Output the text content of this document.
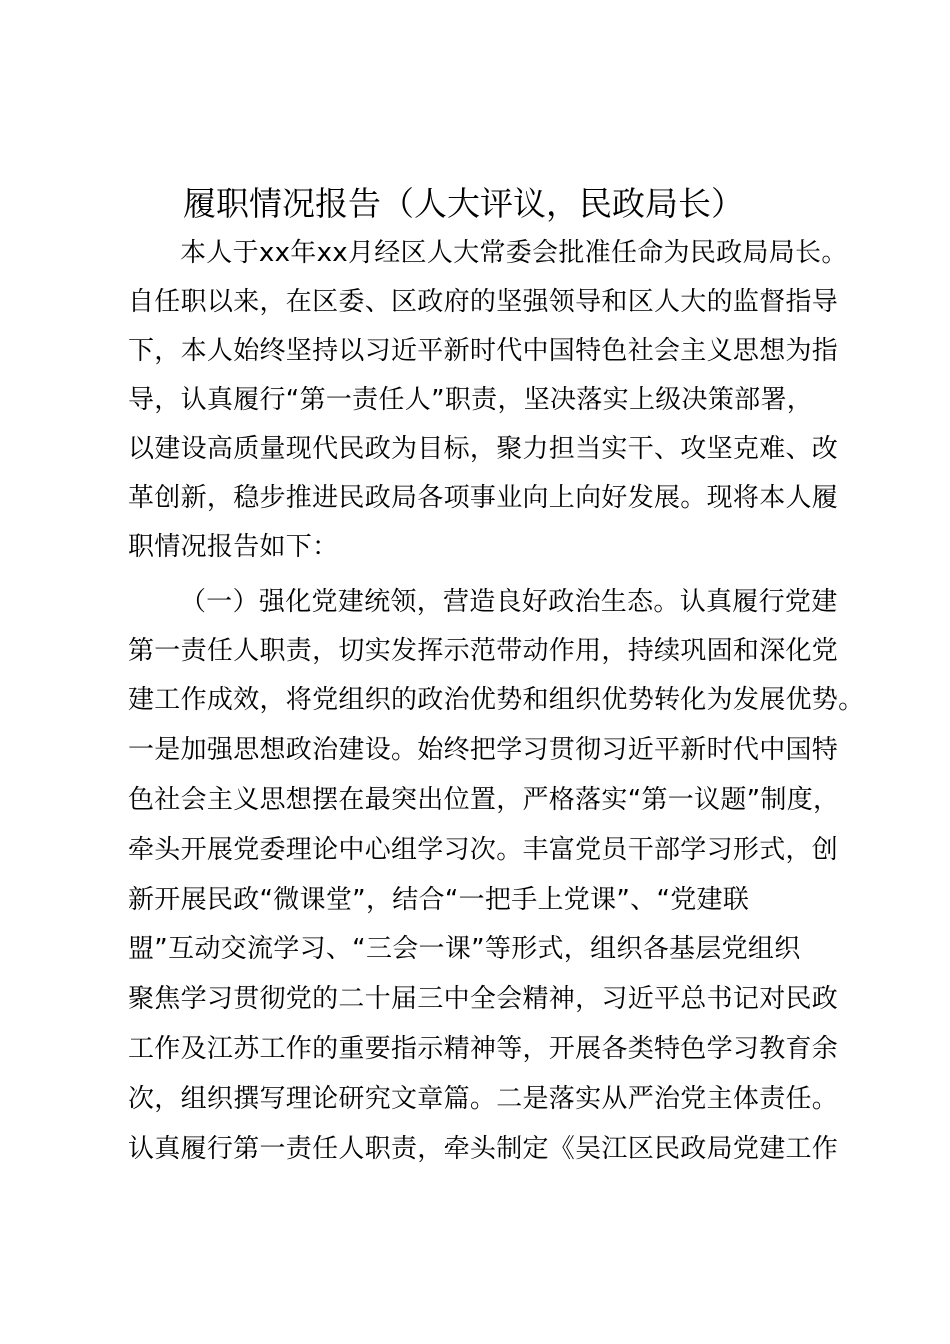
履职情况报告（人大评议，民政局长）
本人于xx年xx月经区人大常委会批准任命为民政局局长。
自任职以来，在区委、区政府的坚强领导和区人大的监督指导
下，本人始终坚持以习近平新时代中国特色社会主义思想为指
导，认真履行“第一责任人”职责，坚决落实上级决策部署，
以建设高质量现代民政为目标，聚力担当实干、攻坚克难、改
革创新，稳步推进民政局各项事业向上向好发展。现将本人履
职情况报告如下：
（一）强化党建统领，营造良好政治生态。认真履行党建
第一责任人职责，切实发挥示范带动作用，持续巩固和深化党
建工作成效，将党组织的政治优势和组织优势转化为发展优势。
一是加强思想政治建设。始终把学习贯彻习近平新时代中国特
色社会主义思想摆在最突出位置，严格落实“第一议题”制度，
牵头开展党委理论中心组学习次。丰富党员干部学习形式，创
新开展民政“微课堂”，结合“一把手上党课”、“党建联
盟”互动交流学习、“三会一课”等形式，组织各基层党组织
聚焦学习贯彻党的二十届三中全会精神，习近平总书记对民政
工作及江苏工作的重要指示精神等，开展各类特色学习教育余
次，组织撰写理论研究文章篇。二是落实从严治党主体责任。
认真履行第一责任人职责，牵头制定《吴江区民政局党建工作
